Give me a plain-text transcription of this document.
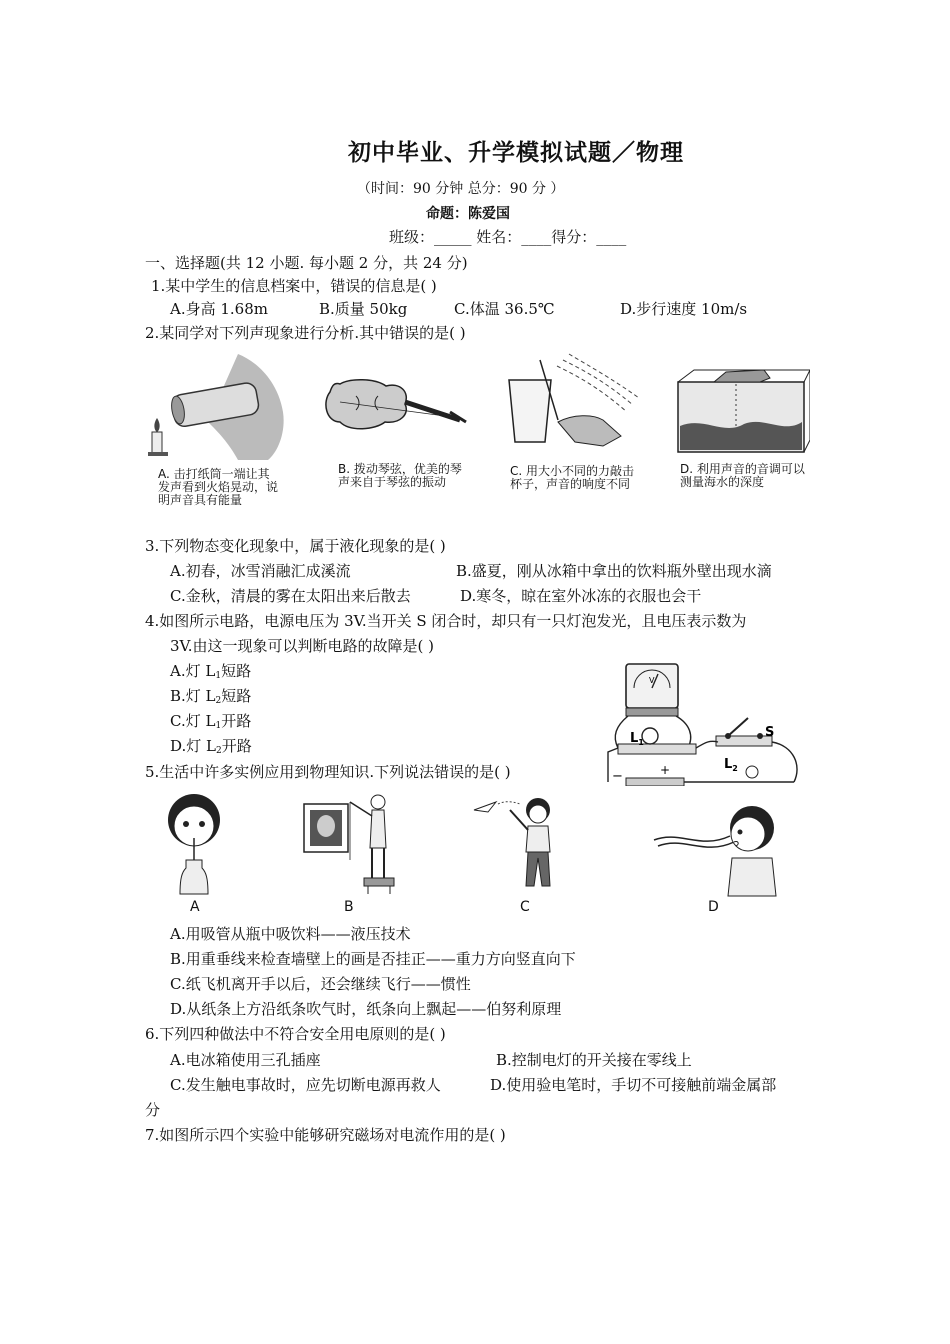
初中毕业、升学模拟试题／物理
（时间：90 分钟 总分：90 分 ）
命题：陈爱国
班级：_____ 姓名：____得分：____
一、选择题(共 12 小题. 每小题 2 分，共 24 分)
1.某中学生的信息档案中，错误的信息是( )
A.身高 1.68m	B.质量 50kg	C.体温 36.5℃	D.步行速度 10m/s
2.某同学对下列声现象进行分析.其中错误的是( )
A. 击打纸筒一端让其发声看到火焰晃动，说明声音具有能量
B. 拨动琴弦，优美的琴声来自于琴弦的振动
C. 用大小不同的力敲击杯子，声音的响度不同
D. 利用声音的音调可以测量海水的深度
3.下列物态变化现象中，属于液化现象的是( )
A.初春，冰雪消融汇成溪流	B.盛夏，刚从冰箱中拿出的饮料瓶外壁出现水滴
C.金秋，清晨的雾在太阳出来后散去	D.寒冬，晾在室外冰冻的衣服也会干
4.如图所示电路，电源电压为 3V.当开关 S 闭合时，却只有一只灯泡发光，且电压表示数为
3V.由这一现象可以判断电路的故障是( )
A.灯 $L_1$短路
B.灯 $L_2$短路
C.灯 $L_1$开路
D.灯 $L_2$开路
V
$L_1$
S
$L_2$
−	+
5.生活中许多实例应用到物理知识.下列说法错误的是( )
A	B	C	D
A.用吸管从瓶中吸饮料——液压技术
B.用重垂线来检查墙壁上的画是否挂正——重力方向竖直向下
C.纸飞机离开手以后，还会继续飞行——惯性
D.从纸条上方沿纸条吹气时，纸条向上飘起——伯努利原理
6.下列四种做法中不符合安全用电原则的是( )
A.电冰箱使用三孔插座	B.控制电灯的开关接在零线上
C.发生触电事故时，应先切断电源再救人	D.使用验电笔时，手切不可接触前端金属部
分
7.如图所示四个实验中能够研究磁场对电流作用的是( )
